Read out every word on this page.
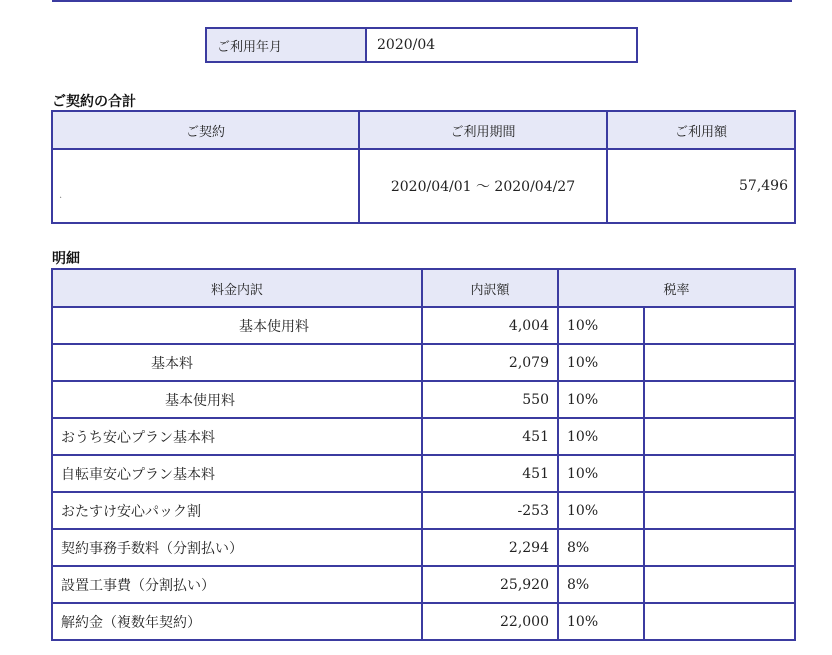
ご利用年月	2020/04
ご契約の合計
ご契約	ご利用期間	ご利用額

.	2020/04/01 〜 2020/04/27	57,496
明細
料金内訳	内訳額	税率	
基本使用料	4,004	10%	
基本料	2,079	10%	
基本使用料	550	10%	
おうち安心プラン基本料	451	10%	
自転車安心プラン基本料	451	10%	
おたすけ安心パック割	-253	10%	
契約事務手数料（分割払い）	2,294	8%	
設置工事費（分割払い）	25,920	8%	
解約金（複数年契約）	22,000	10%	
